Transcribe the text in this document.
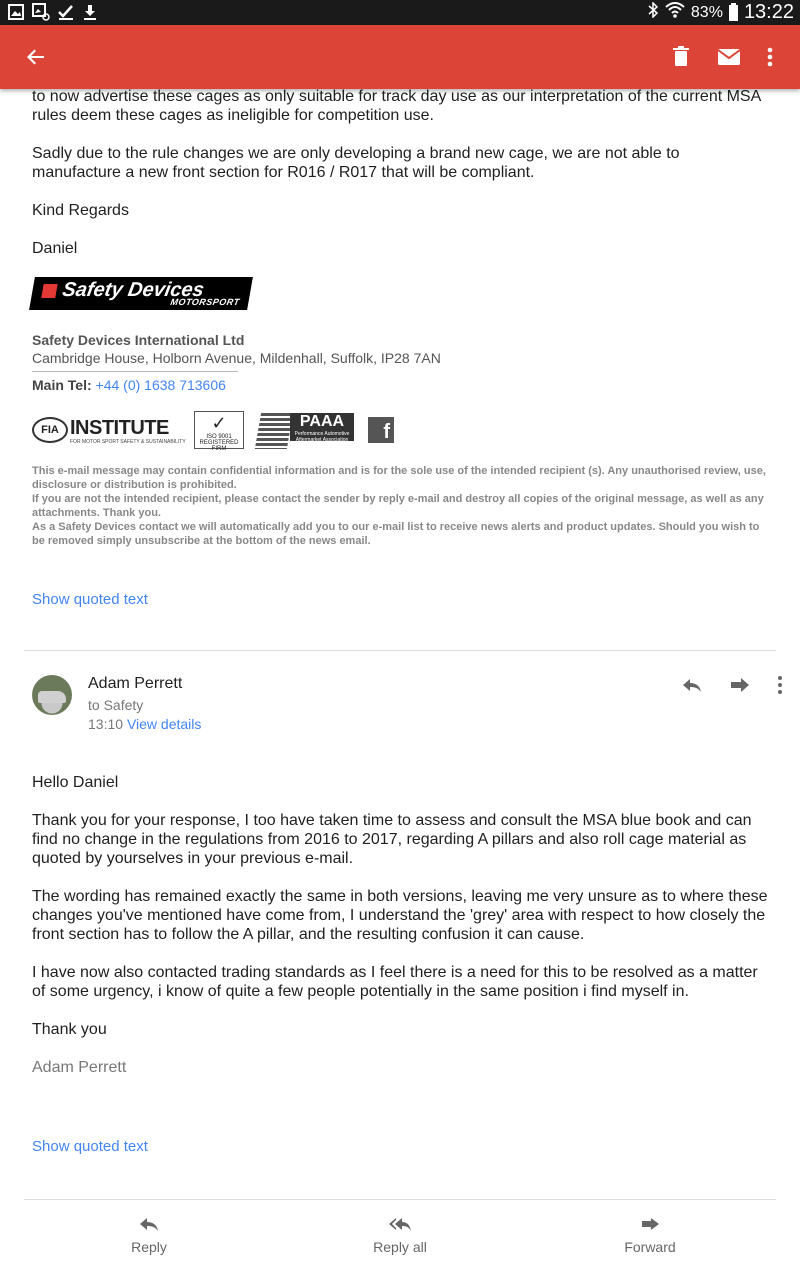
83% 13:22

to now advertise these cages as only suitable for track day use as our interpretation of the current MSA rules deem these cages as ineligible for competition use.

Sadly due to the rule changes we are only developing a brand new cage, we are not able to manufacture a new front section for R016 / R017 that will be compliant.

Kind Regards

Daniel

Safety Devices
MOTORSPORT
Safety Devices International Ltd
Cambridge House, Holborn Avenue, Mildenhall, Suffolk, IP28 7AN
Main Tel: +44 (0) 1638 713606
FIA INSTITUTE
FOR MOTOR SPORT SAFETY & SUSTAINABILITY
✓
ISO 9001
REGISTERED FIRM
PAAA
Performance Automotive Aftermarket Association	f
This e-mail message may contain confidential information and is for the sole use of the intended recipient (s). Any unauthorised review, use, disclosure or distribution is prohibited.
If you are not the intended recipient, please contact the sender by reply e-mail and destroy all copies of the original message, as well as any attachments. Thank you.
As a Safety Devices contact we will automatically add you to our e-mail list to receive news alerts and product updates. Should you wish to be removed simply unsubscribe at the bottom of the news email.
Show quoted text
Adam Perrett
to Safety
13:10 View details

Hello Daniel

Thank you for your response, I too have taken time to assess and consult the MSA blue book and can find no change in the regulations from 2016 to 2017, regarding A pillars and also roll cage material as quoted by yourselves in your previous e-mail.

The wording has remained exactly the same in both versions, leaving me very unsure as to where these changes you've mentioned have come from, I understand the 'grey' area with respect to how closely the front section has to follow the A pillar, and the resulting confusion it can cause.

I have now also contacted trading standards as I feel there is a need for this to be resolved as a matter of some urgency, i know of quite a few people potentially in the same position i find myself in.

Thank you

Adam Perrett

Show quoted text
Reply	Reply all	Forward
